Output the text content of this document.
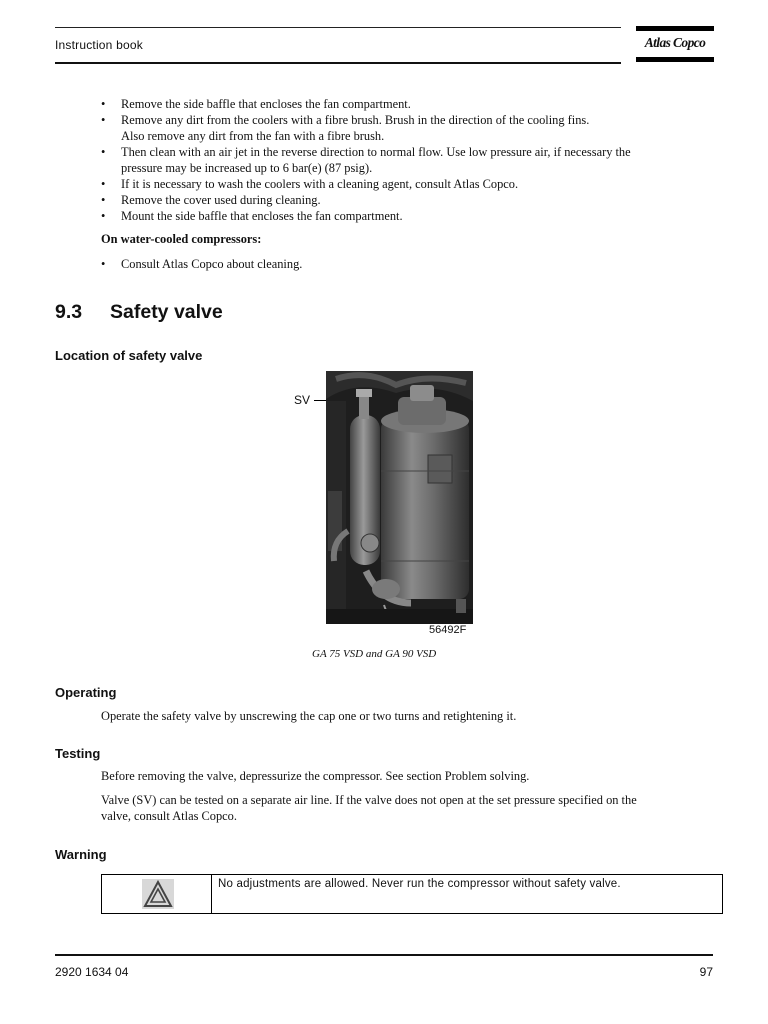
Instruction book	Atlas Copco
• Remove the side baffle that encloses the fan compartment.
• Remove any dirt from the coolers with a fibre brush. Brush in the direction of the cooling fins.
Also remove any dirt from the fan with a fibre brush.
• Then clean with an air jet in the reverse direction to normal flow. Use low pressure air, if necessary the
pressure may be increased up to 6 bar(e) (87 psig).
• If it is necessary to wash the coolers with a cleaning agent, consult Atlas Copco.
• Remove the cover used during cleaning.
• Mount the side baffle that encloses the fan compartment.
On water-cooled compressors:
• Consult Atlas Copco about cleaning.
9.3 Safety valve
Location of safety valve
SV
56492F
GA 75 VSD and GA 90 VSD
Operating
Operate the safety valve by unscrewing the cap one or two turns and retightening it.
Testing
Before removing the valve, depressurize the compressor. See section Problem solving.
Valve (SV) can be tested on a separate air line. If the valve does not open at the set pressure specified on the
valve, consult Atlas Copco.
Warning
No adjustments are allowed. Never run the compressor without safety valve.
2920 1634 04	97
